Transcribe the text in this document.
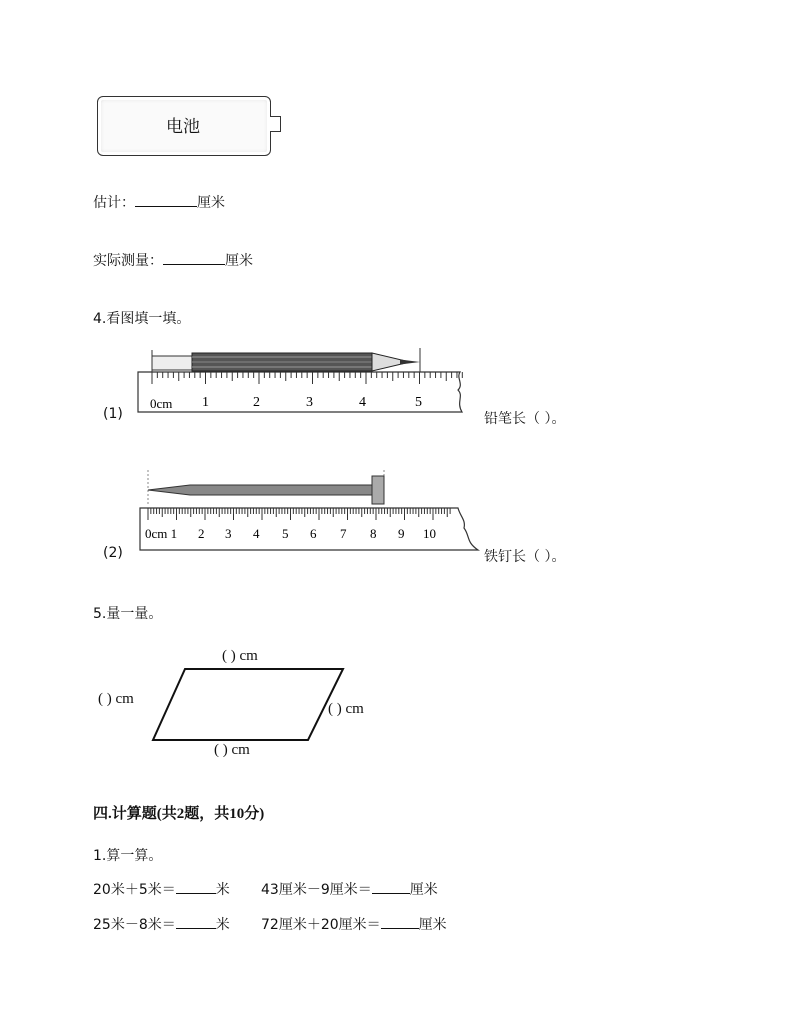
电池
估计：	厘米
实际测量：	厘米
4.看图填一填。
0cm 1	2	3	4	5
(1)	铅笔长（ ）。
0cm 1 2 3 4 5 6 7 8 9 10
(2)	铁钉长（ ）。
5.量一量。
( ) cm
( ) cm
( ) cm
( ) cm
四.计算题(共2题，共10分)
1.算一算。
20米＋5米＝	米 43厘米－9厘米＝	厘米
25米－8米＝	米 72厘米＋20厘米＝	厘米
